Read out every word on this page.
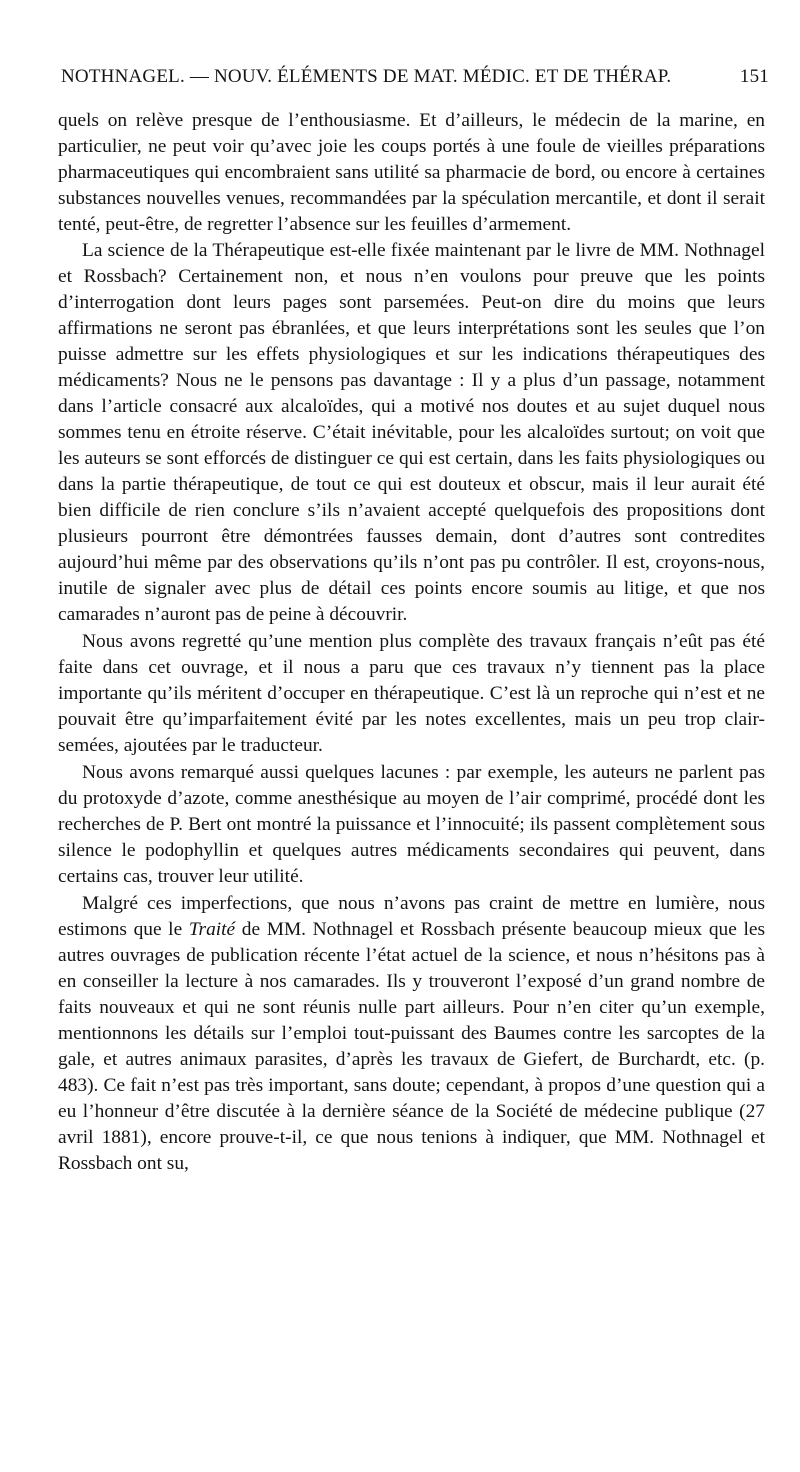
NOTHNAGEL. — NOUV. ÉLÉMENTS DE MAT. MÉDIC. ET DE THÉRAP.	151

quels on relève presque de l’enthousiasme. Et d’ailleurs, le médecin de la marine, en particulier, ne peut voir qu’avec joie les coups portés à une foule de vieilles préparations pharmaceutiques qui encombraient sans utilité sa pharmacie de bord, ou encore à certaines substances nouvelles venues, recommandées par la spéculation mercantile, et dont il serait tenté, peut-être, de regretter l’absence sur les feuilles d’armement.

La science de la Thérapeutique est-elle fixée maintenant par le livre de MM. Nothnagel et Rossbach? Certainement non, et nous n’en voulons pour preuve que les points d’interrogation dont leurs pages sont parsemées. Peut-on dire du moins que leurs affirmations ne seront pas ébranlées, et que leurs interprétations sont les seules que l’on puisse admettre sur les effets physiologiques et sur les indications thérapeutiques des médicaments? Nous ne le pensons pas davantage : Il y a plus d’un passage, notamment dans l’article consacré aux alcaloïdes, qui a motivé nos doutes et au sujet duquel nous sommes tenu en étroite réserve. C’était inévitable, pour les alcaloïdes surtout; on voit que les auteurs se sont efforcés de distinguer ce qui est certain, dans les faits physiologiques ou dans la partie thérapeutique, de tout ce qui est douteux et obscur, mais il leur aurait été bien difficile de rien conclure s’ils n’avaient accepté quelquefois des propositions dont plusieurs pourront être démontrées fausses demain, dont d’autres sont contredites aujourd’hui même par des observations qu’ils n’ont pas pu contrôler. Il est, croyons-nous, inutile de signaler avec plus de détail ces points encore soumis au litige, et que nos camarades n’auront pas de peine à découvrir.

Nous avons regretté qu’une mention plus complète des travaux français n’eût pas été faite dans cet ouvrage, et il nous a paru que ces travaux n’y tiennent pas la place importante qu’ils méritent d’occuper en thérapeutique. C’est là un reproche qui n’est et ne pouvait être qu’imparfaitement évité par les notes excellentes, mais un peu trop clair-semées, ajoutées par le traducteur.

Nous avons remarqué aussi quelques lacunes : par exemple, les auteurs ne parlent pas du protoxyde d’azote, comme anesthésique au moyen de l’air comprimé, procédé dont les recherches de P. Bert ont montré la puissance et l’innocuité; ils passent complètement sous silence le podophyllin et quelques autres médicaments secondaires qui peuvent, dans certains cas, trouver leur utilité.

Malgré ces imperfections, que nous n’avons pas craint de mettre en lumière, nous estimons que le Traité de MM. Nothnagel et Rossbach présente beaucoup mieux que les autres ouvrages de publication récente l’état actuel de la science, et nous n’hésitons pas à en conseiller la lecture à nos camarades. Ils y trouveront l’exposé d’un grand nombre de faits nouveaux et qui ne sont réunis nulle part ailleurs. Pour n’en citer qu’un exemple, mentionnons les détails sur l’emploi tout-puissant des Baumes contre les sarcoptes de la gale, et autres animaux parasites, d’après les travaux de Giefert, de Burchardt, etc. (p. 483). Ce fait n’est pas très important, sans doute; cependant, à propos d’une question qui a eu l’honneur d’être discutée à la dernière séance de la Société de médecine publique (27 avril 1881), encore prouve-t-il, ce que nous tenions à indiquer, que MM. Nothnagel et Rossbach ont su,
